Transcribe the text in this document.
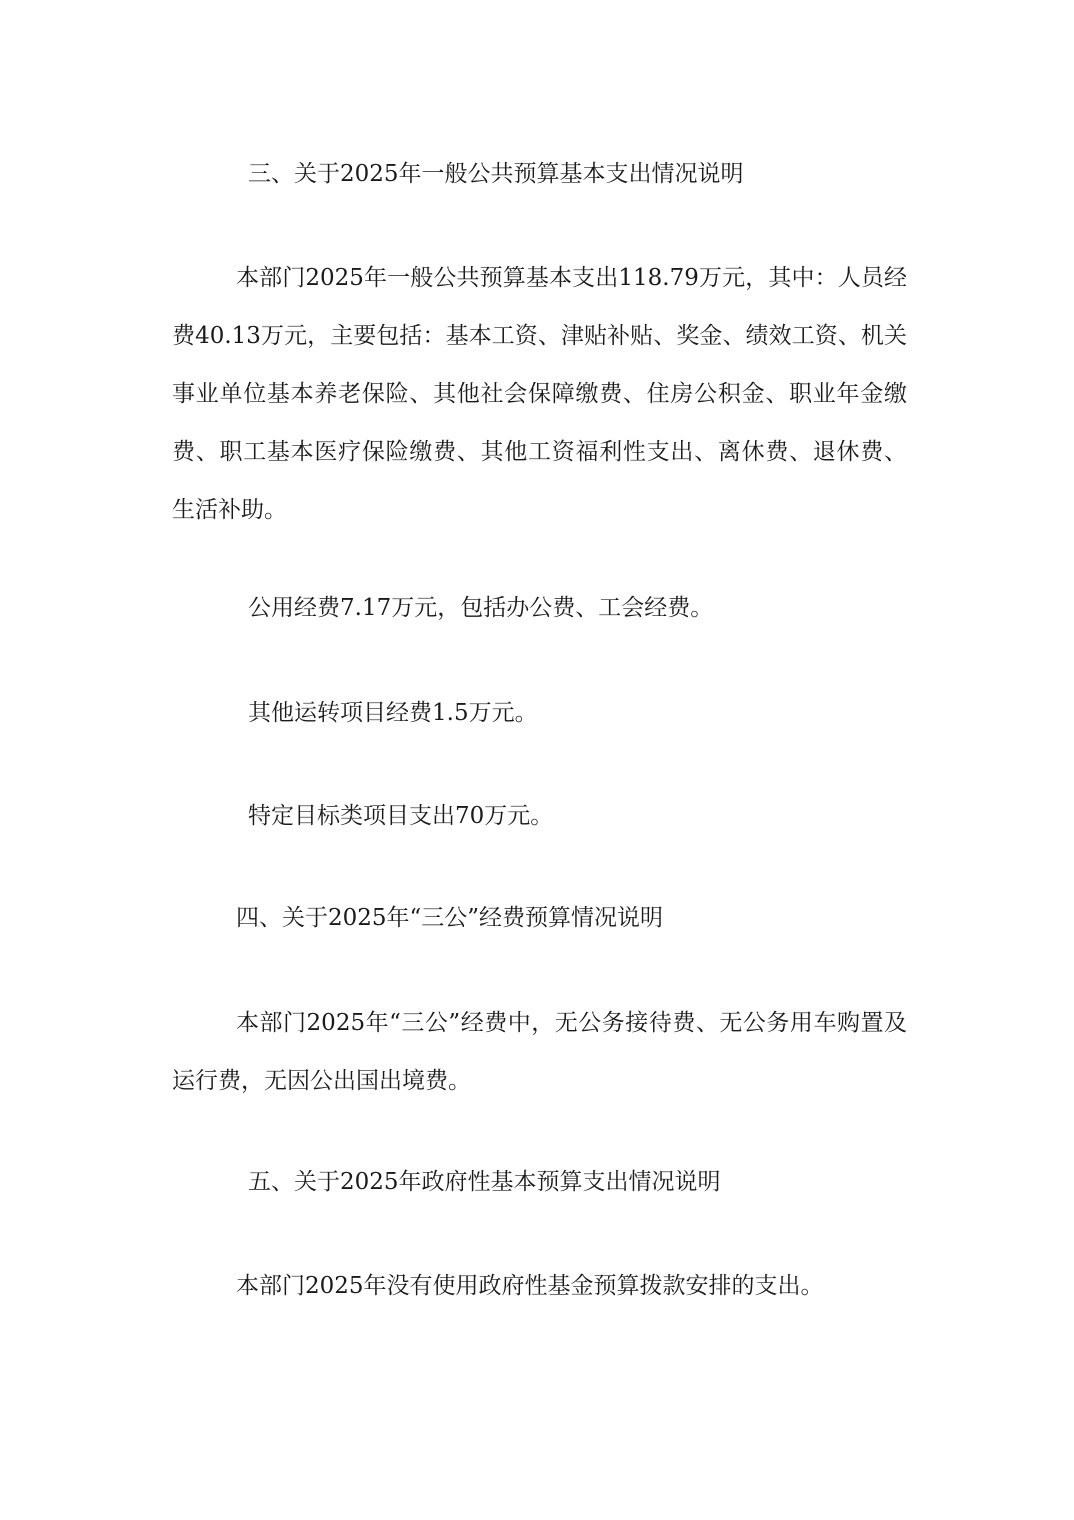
三、关于2025年一般公共预算基本支出情况说明

本部门2025年一般公共预算基本支出118.79万元，其中：人员经费40.13万元，主要包括：基本工资、津贴补贴、奖金、绩效工资、机关事业单位基本养老保险、其他社会保障缴费、住房公积金、职业年金缴费、职工基本医疗保险缴费、其他工资福利性支出、离休费、退休费、生活补助。

公用经费7.17万元，包括办公费、工会经费。

其他运转项目经费1.5万元。

特定目标类项目支出70万元。

四、关于2025年“三公”经费预算情况说明

本部门2025年“三公”经费中，无公务接待费、无公务用车购置及运行费，无因公出国出境费。

五、关于2025年政府性基本预算支出情况说明

本部门2025年没有使用政府性基金预算拨款安排的支出。
